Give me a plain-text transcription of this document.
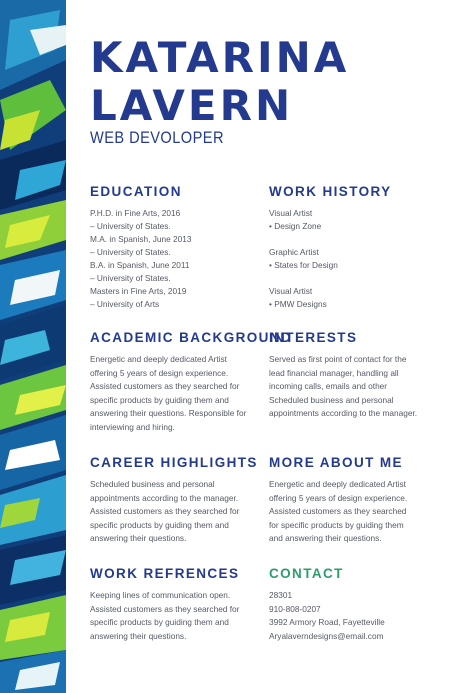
KATARINA
LAVERN
WEB DEVOLOPER
EDUCATION
P.H.D. in Fine Arts, 2016
– University of States.
M.A. in Spanish, June 2013
– University of States.
B.A. in Spanish, June 2011
– University of States.
Masters in Fine Arts, 2019
– University of Arts
WORK HISTORY
Visual Artist
• Design Zone
Graphic Artist
• States for Design
Visual Artist
• PMW Designs
ACADEMIC BACKGROUND

Energetic and deeply dedicated Artist offering 5 years of design experience. Assisted customers as they searched for specific products by guiding them and answering their questions. Responsible for interviewing and hiring.

INTERESTS

Served as first point of contact for the lead financial manager, handling all incoming calls, emails and other Scheduled business and personal appointments according to the manager.

CAREER HIGHLIGHTS

Scheduled business and personal appointments according to the manager. Assisted customers as they searched for specific products by guiding them and answering their questions.

MORE ABOUT ME

Energetic and deeply dedicated Artist offering 5 years of design experience. Assisted customers as they searched for specific products by guiding them and answering their questions.

WORK REFRENCES

Keeping lines of communication open. Assisted customers as they searched for specific products by guiding them and answering their questions.

CONTACT

28301

910-808-0207

3992 Armory Road, Fayetteville

Aryalaverndesigns@email.com
